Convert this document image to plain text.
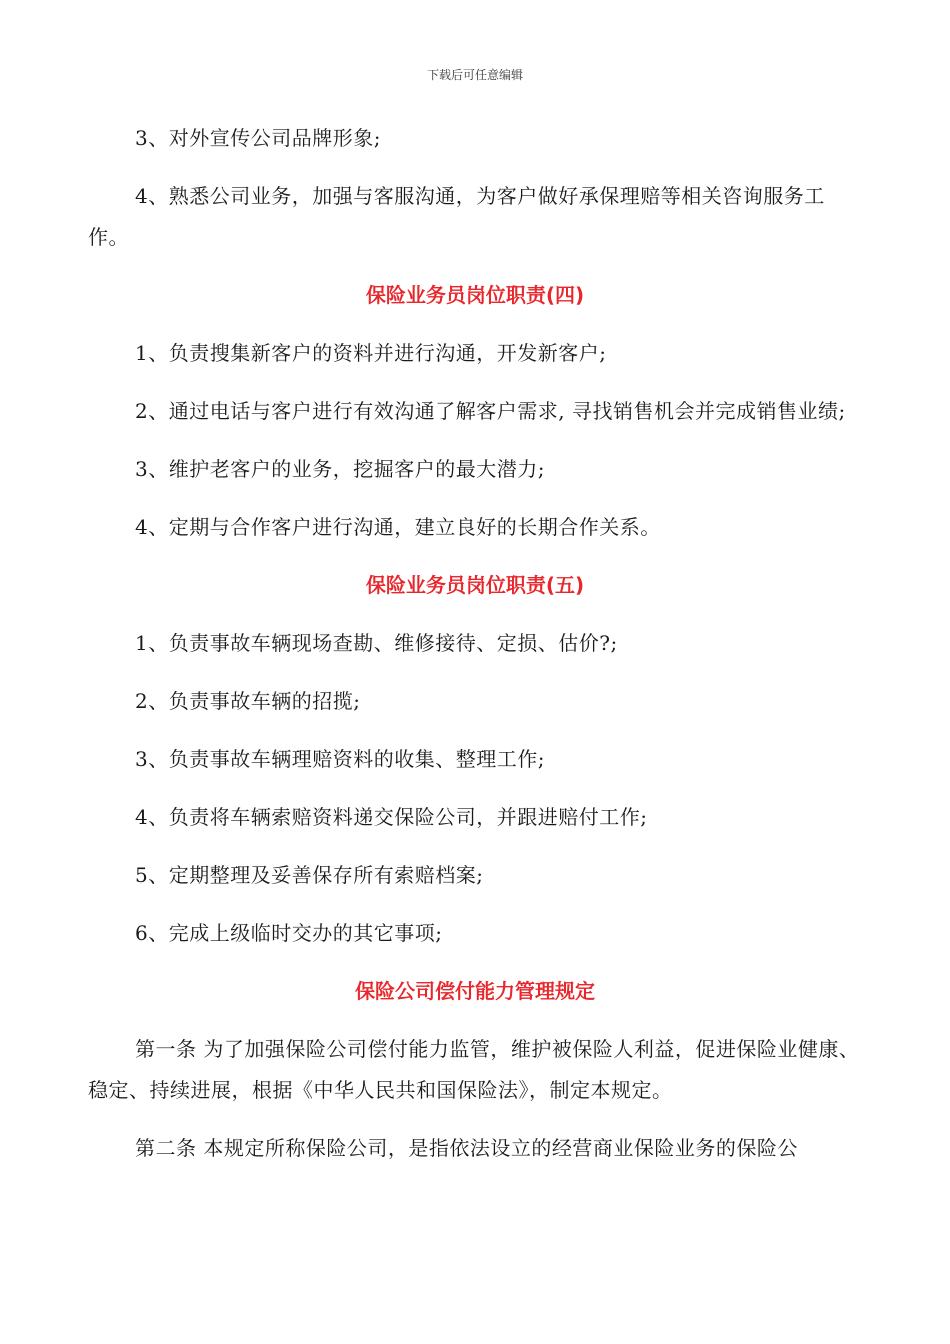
下载后可任意编辑

3、对外宣传公司品牌形象;

4、熟悉公司业务，加强与客服沟通，为客户做好承保理赔等相关咨询服务工作。

保险业务员岗位职责(四)

1、负责搜集新客户的资料并进行沟通，开发新客户;

2、通过电话与客户进行有效沟通了解客户需求, 寻找销售机会并完成销售业绩;

3、维护老客户的业务，挖掘客户的最大潜力;

4、定期与合作客户进行沟通，建立良好的长期合作关系。

保险业务员岗位职责(五)

1、负责事故车辆现场查勘、维修接待、定损、估价?;

2、负责事故车辆的招揽;

3、负责事故车辆理赔资料的收集、整理工作;

4、负责将车辆索赔资料递交保险公司，并跟进赔付工作;

5、定期整理及妥善保存所有索赔档案;

6、完成上级临时交办的其它事项;

保险公司偿付能力管理规定

第一条 为了加强保险公司偿付能力监管，维护被保险人利益，促进保险业健康、稳定、持续进展，根据《中华人民共和国保险法》，制定本规定。

第二条 本规定所称保险公司，是指依法设立的经营商业保险业务的保险公
